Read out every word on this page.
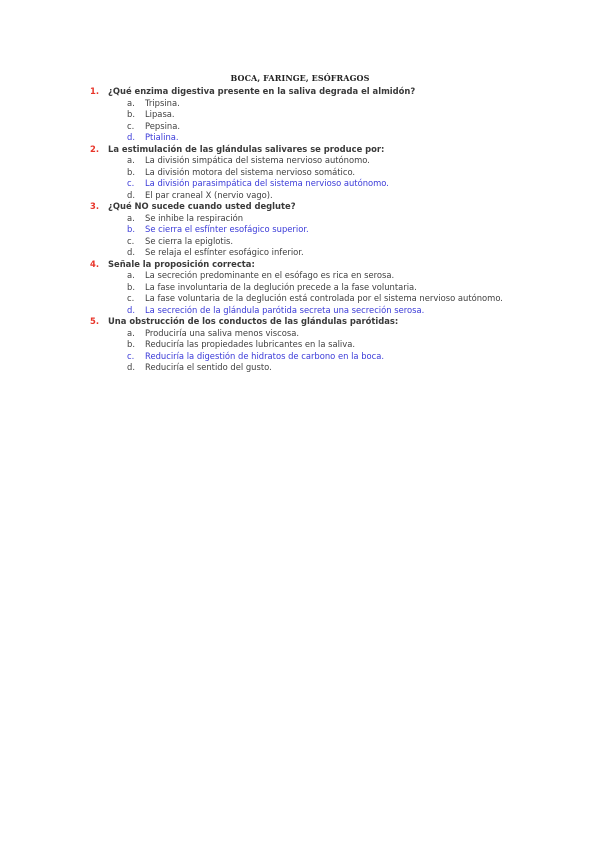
BOCA, FARINGE, ESÓFRAGOS
1. ¿Qué enzima digestiva presente en la saliva degrada el almidón?
a. Tripsina.
b. Lipasa.
c. Pepsina.
d. Ptialina.
2. La estimulación de las glándulas salivares se produce por:
a. La división simpática del sistema nervioso autónomo.
b. La división motora del sistema nervioso somático.
c. La división parasimpática del sistema nervioso autónomo.
d. El par craneal X (nervio vago).
3. ¿Qué NO sucede cuando usted deglute?
a. Se inhibe la respiración
b. Se cierra el esfínter esofágico superior.
c. Se cierra la epiglotis.
d. Se relaja el esfínter esofágico inferior.
4. Señale la proposición correcta:
a. La secreción predominante en el esófago es rica en serosa.
b. La fase involuntaria de la deglución precede a la fase voluntaria.
c. La fase voluntaria de la deglución está controlada por el sistema nervioso autónomo.
d. La secreción de la glándula parótida secreta una secreción serosa.
5. Una obstrucción de los conductos de las glándulas parótidas:
a. Produciría una saliva menos viscosa.
b. Reduciría las propiedades lubricantes en la saliva.
c. Reduciría la digestión de hidratos de carbono en la boca.
d. Reduciría el sentido del gusto.
